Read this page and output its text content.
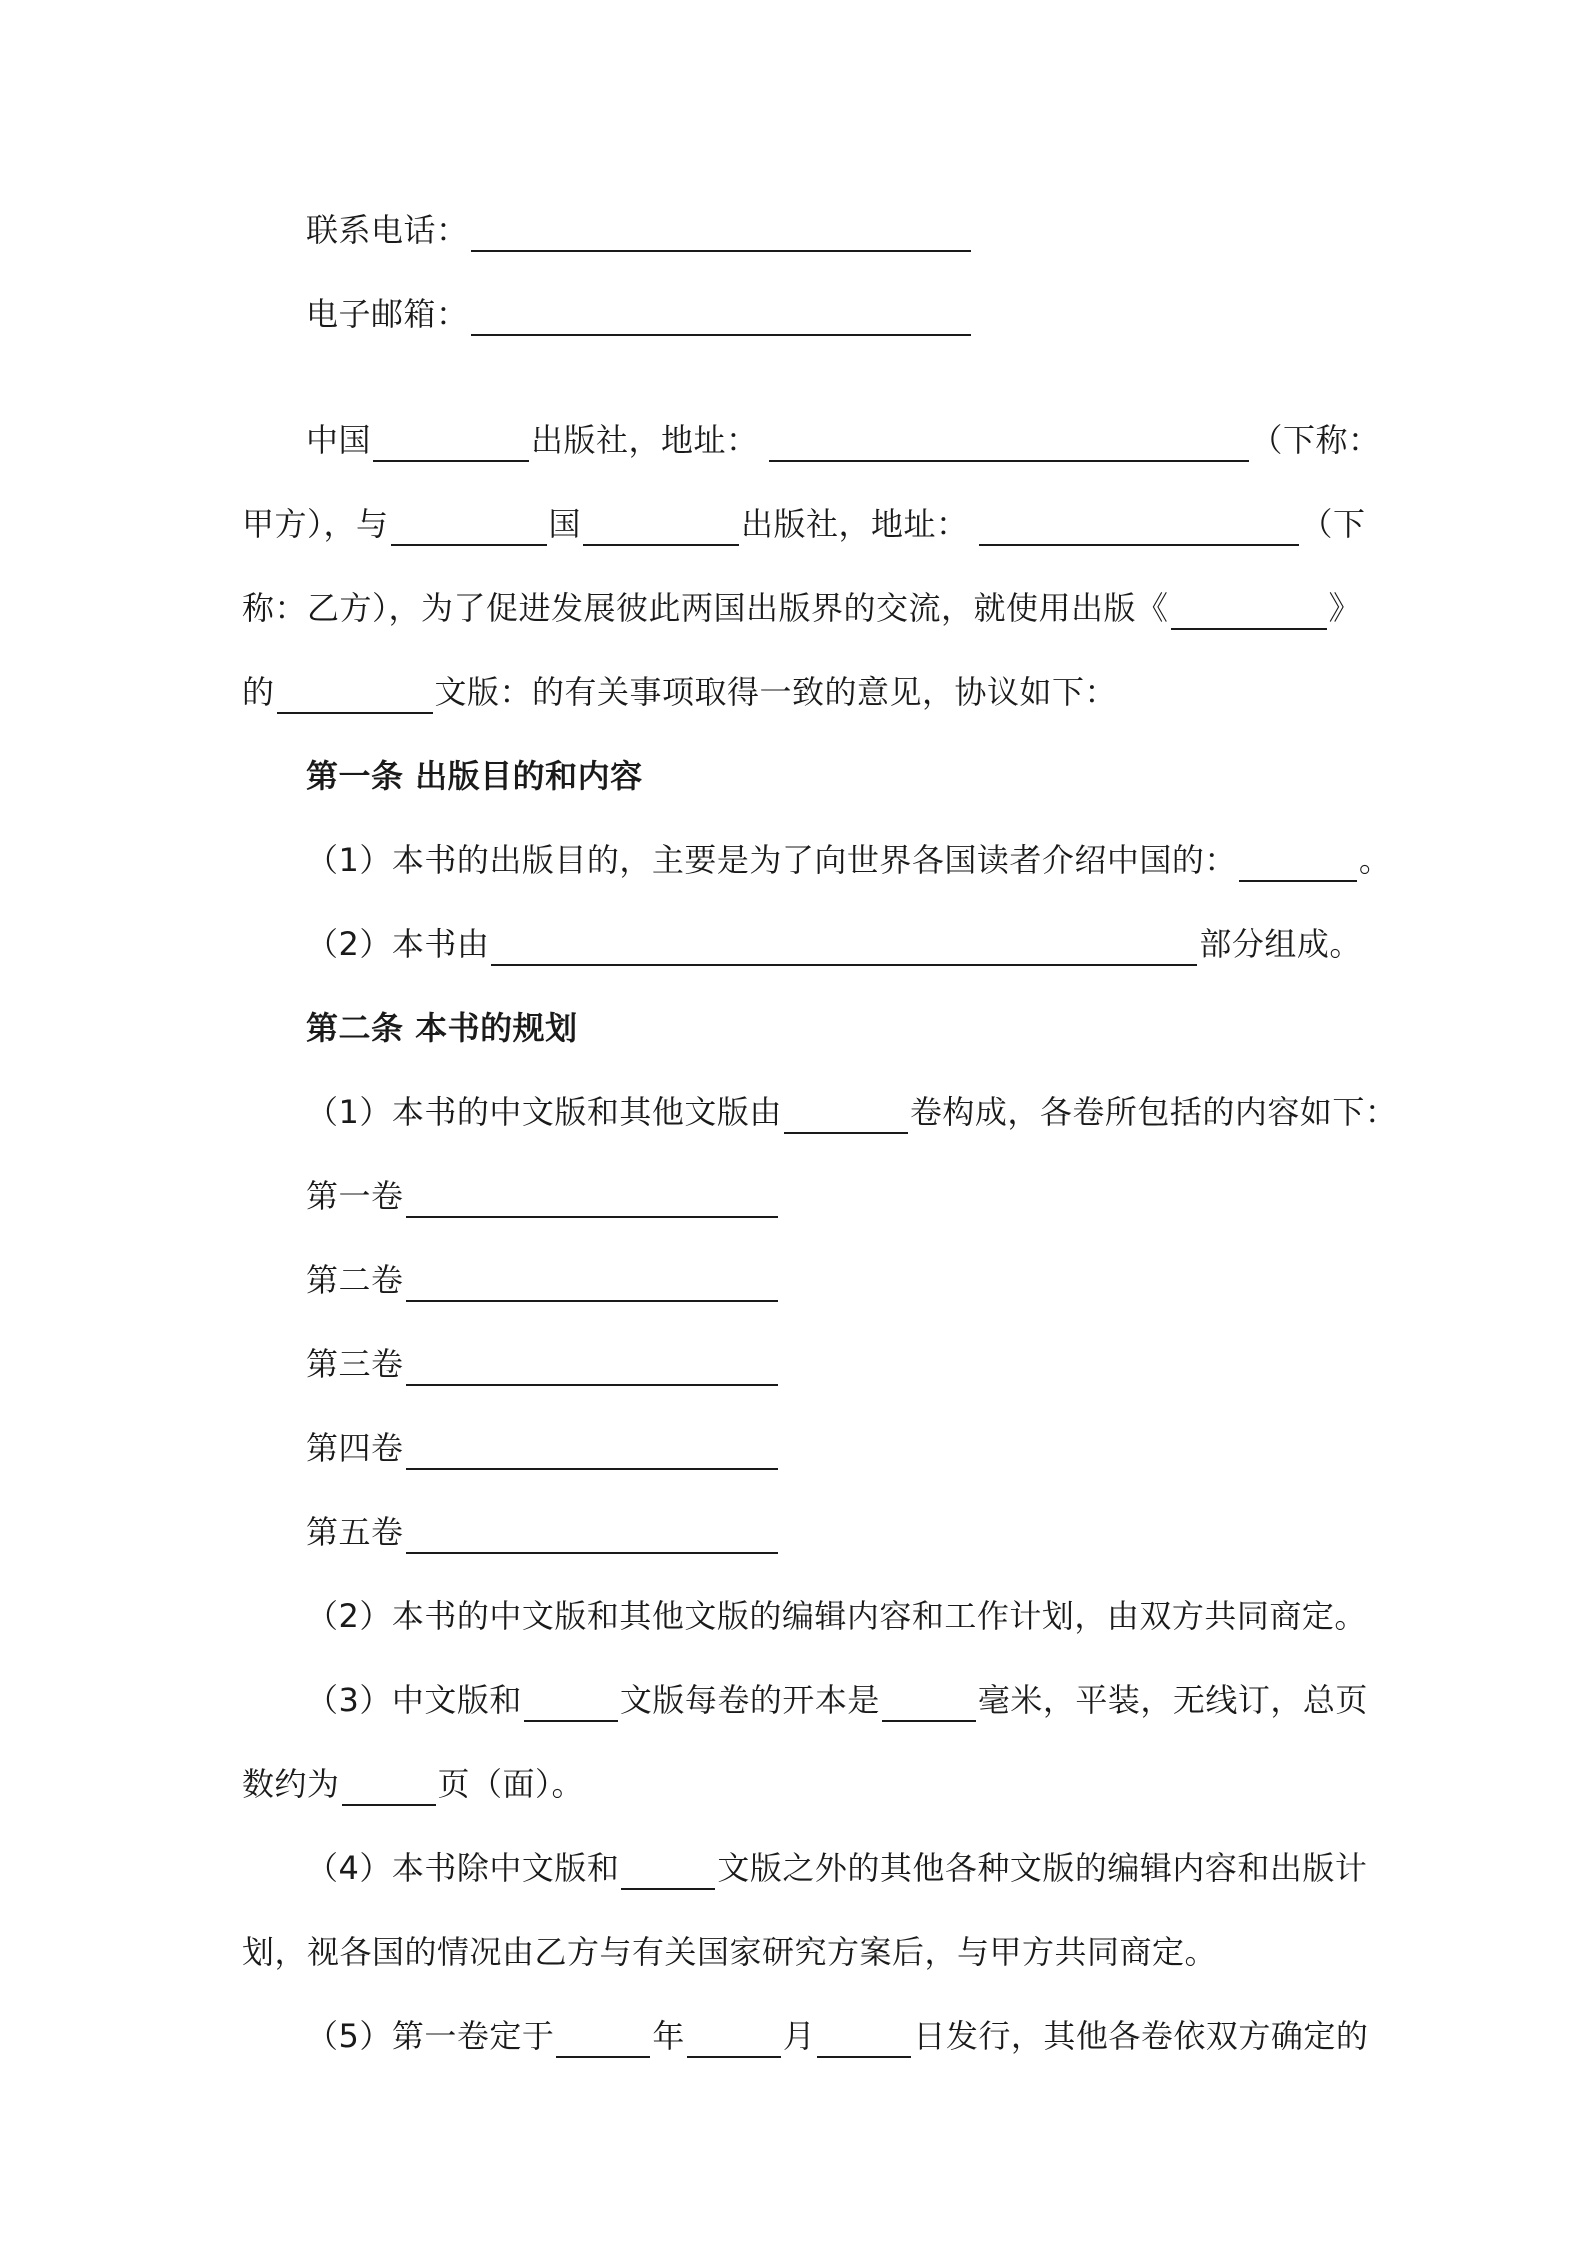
联系电话：
电子邮箱：
中国	出版社，地址：	（下称：
甲方），与	国	出版社，地址：	（下
称：乙方），为了促进发展彼此两国出版界的交流，就使用出版《	》
的	文版：的有关事项取得一致的意见，协议如下：
第一条 出版目的和内容
（1）本书的出版目的，主要是为了向世界各国读者介绍中国的：	。
（2）本书由	部分组成。
第二条 本书的规划
（1）本书的中文版和其他文版由	卷构成，各卷所包括的内容如下：
第一卷
第二卷
第三卷
第四卷
第五卷
（2）本书的中文版和其他文版的编辑内容和工作计划，由双方共同商定。
（3）中文版和	文版每卷的开本是	毫米，平装，无线订，总页
数约为	页（面）。
（4）本书除中文版和	文版之外的其他各种文版的编辑内容和出版计
划，视各国的情况由乙方与有关国家研究方案后，与甲方共同商定。
（5）第一卷定于	年	月	日发行，其他各卷依双方确定的
